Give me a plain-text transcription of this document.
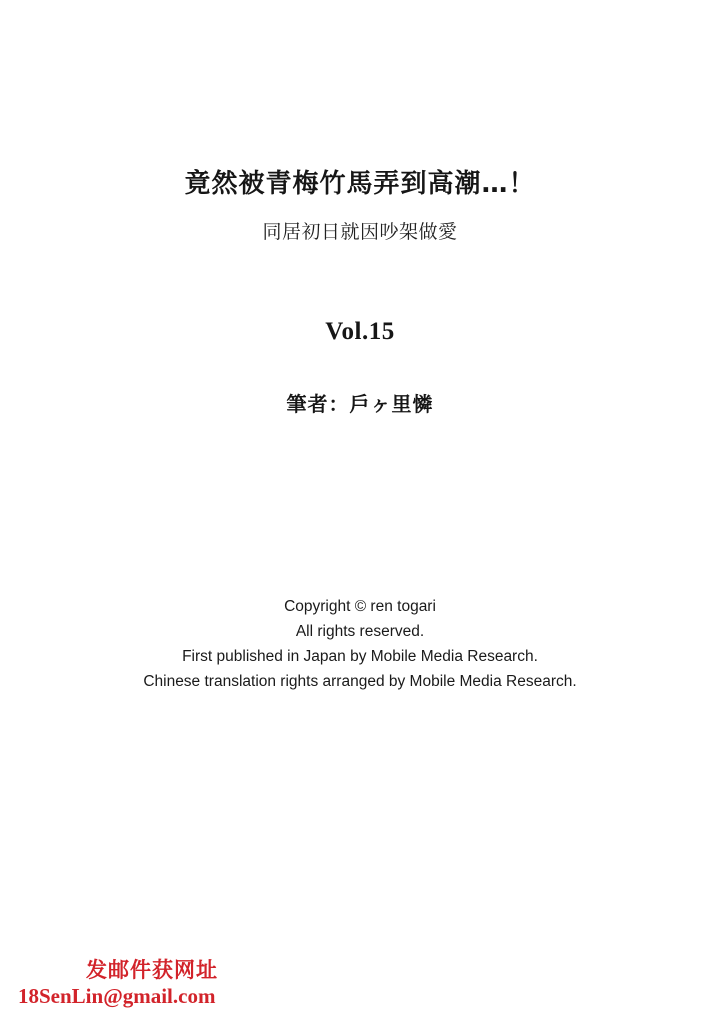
竟然被青梅竹馬弄到高潮…！
同居初日就因吵架做愛
Vol.15
筆者：戶ヶ里憐
Copyright © ren togari
All rights reserved.
First published in Japan by Mobile Media Research.
Chinese translation rights arranged by Mobile Media Research.
发邮件获网址
18SenLin@gmail.com
